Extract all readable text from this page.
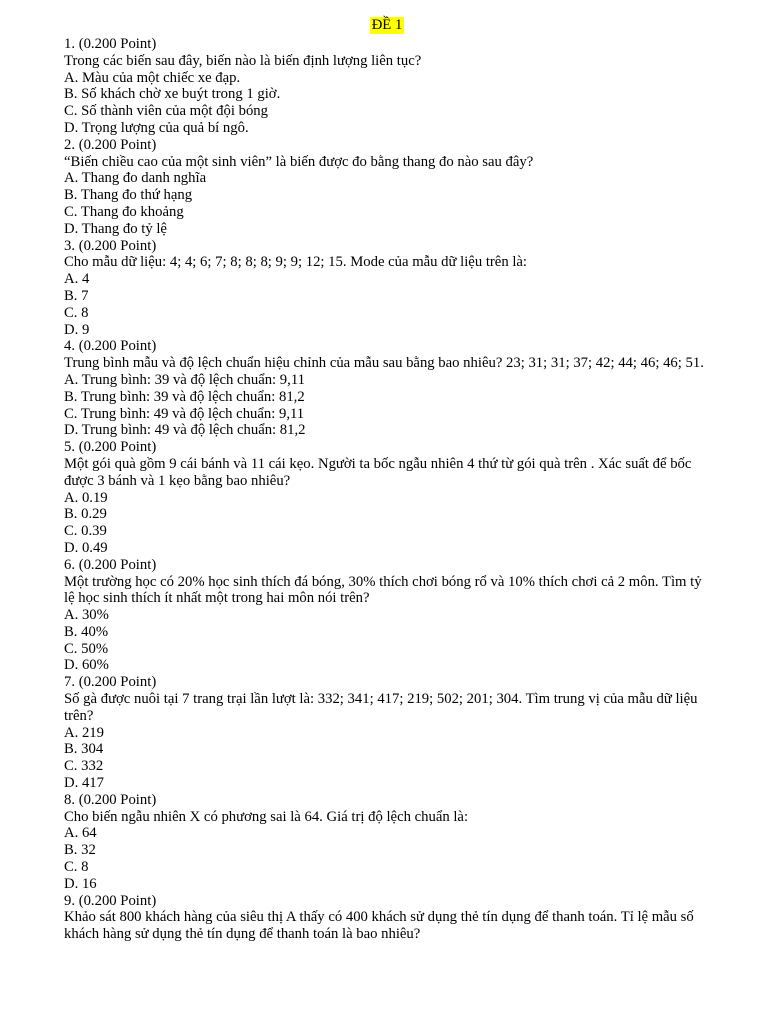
ĐỀ 1
1. (0.200 Point)
Trong các biến sau đây, biến nào là biến định lượng liên tục?
A. Màu của một chiếc xe đạp.
B. Số khách chờ xe buýt trong 1 giờ.
C. Số thành viên của một đội bóng
D. Trọng lượng của quả bí ngô.
2. (0.200 Point)
“Biến chiều cao của một sinh viên” là biến được đo bằng thang đo nào sau đây?
A. Thang đo danh nghĩa
B. Thang đo thứ hạng
C. Thang đo khoảng
D. Thang đo tỷ lệ
3. (0.200 Point)
Cho mẫu dữ liệu: 4; 4; 6; 7; 8; 8; 8; 9; 9; 12; 15. Mode của mẫu dữ liệu trên là:
A. 4
B. 7
C. 8
D. 9
4. (0.200 Point)
Trung bình mẫu và độ lệch chuẩn hiệu chỉnh của mẫu sau bằng bao nhiêu? 23; 31; 31; 37; 42; 44; 46; 46; 51.
A. Trung bình: 39 và độ lệch chuẩn: 9,11
B. Trung bình: 39 và độ lệch chuẩn: 81,2
C. Trung bình: 49 và độ lệch chuẩn: 9,11
D. Trung bình: 49 và độ lệch chuẩn: 81,2
5. (0.200 Point)
Một gói quà gồm 9 cái bánh và 11 cái kẹo. Người ta bốc ngẫu nhiên 4 thứ từ gói quà trên . Xác suất để bốc được 3 bánh và 1 kẹo bằng bao nhiêu?
A. 0.19
B. 0.29
C. 0.39
D. 0.49
6. (0.200 Point)
Một trường học có 20% học sinh thích đá bóng, 30% thích chơi bóng rổ và 10% thích chơi cả 2 môn. Tìm tỷ lệ học sinh thích ít nhất một trong hai môn nói trên?
A. 30%
B. 40%
C. 50%
D. 60%
7. (0.200 Point)
Số gà được nuôi tại 7 trang trại lần lượt là: 332; 341; 417; 219; 502; 201; 304. Tìm trung vị của mẫu dữ liệu trên?
A. 219
B. 304
C. 332
D. 417
8. (0.200 Point)
Cho biến ngẫu nhiên X có phương sai là 64. Giá trị độ lệch chuẩn là:
A. 64
B. 32
C. 8
D. 16
9. (0.200 Point)
Khảo sát 800 khách hàng của siêu thị A thấy có 400 khách sử dụng thẻ tín dụng để thanh toán. Tỉ lệ mẫu số khách hàng sử dụng thẻ tín dụng để thanh toán là bao nhiêu?
